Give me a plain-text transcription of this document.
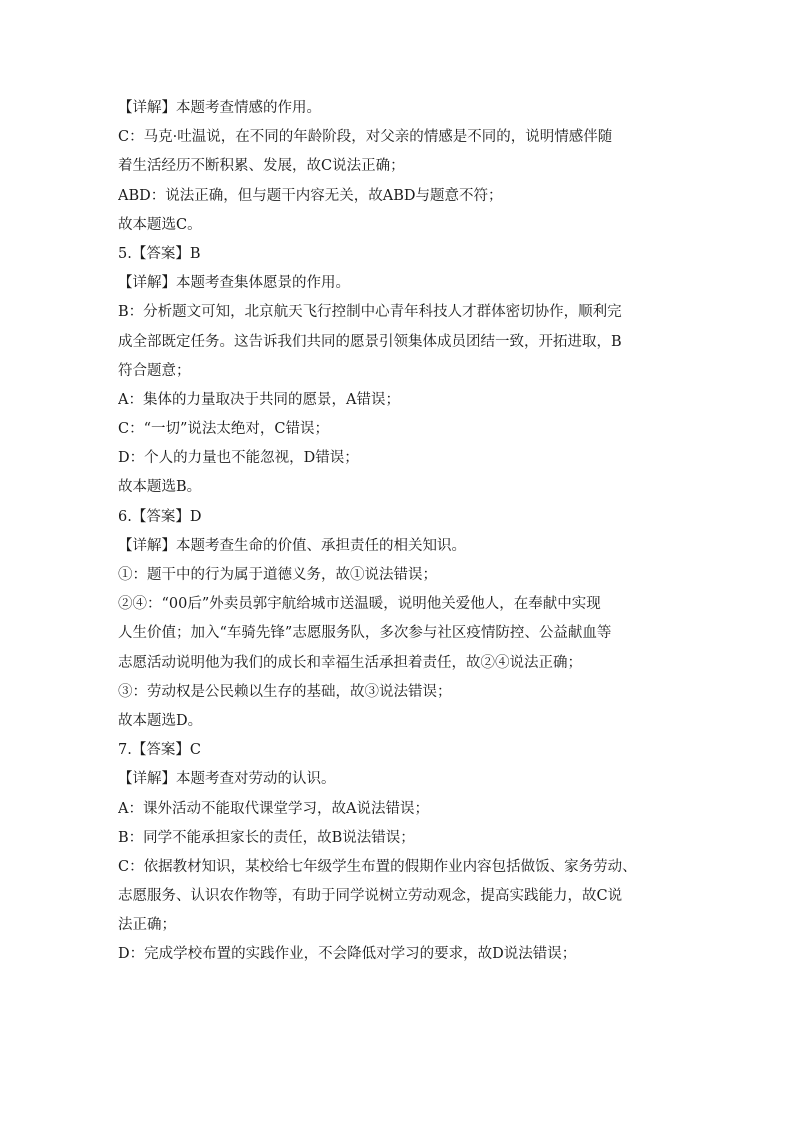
【详解】本题考查情感的作用。
C：马克·吐温说，在不同的年龄阶段，对父亲的情感是不同的，说明情感伴随
着生活经历不断积累、发展，故C说法正确；
ABD：说法正确，但与题干内容无关，故ABD与题意不符；
故本题选C。
5.【答案】B
【详解】本题考查集体愿景的作用。
B：分析题文可知，北京航天飞行控制中心青年科技人才群体密切协作，顺利完
成全部既定任务。这告诉我们共同的愿景引领集体成员团结一致，开拓进取，B
符合题意；
A：集体的力量取决于共同的愿景，A错误；
C：“一切”说法太绝对，C错误；
D：个人的力量也不能忽视，D错误；
故本题选B。
6.【答案】D
【详解】本题考查生命的价值、承担责任的相关知识。
①：题干中的行为属于道德义务，故①说法错误；
②④：“00后”外卖员郭宇航给城市送温暖，说明他关爱他人，在奉献中实现
人生价值；加入“车骑先锋”志愿服务队，多次参与社区疫情防控、公益献血等
志愿活动说明他为我们的成长和幸福生活承担着责任，故②④说法正确；
③：劳动权是公民赖以生存的基础，故③说法错误；
故本题选D。
7.【答案】C
【详解】本题考查对劳动的认识。
A：课外活动不能取代课堂学习，故A说法错误；
B：同学不能承担家长的责任，故B说法错误；
C：依据教材知识，某校给七年级学生布置的假期作业内容包括做饭、家务劳动、
志愿服务、认识农作物等，有助于同学说树立劳动观念，提高实践能力，故C说
法正确；
D：完成学校布置的实践作业，不会降低对学习的要求，故D说法错误；
